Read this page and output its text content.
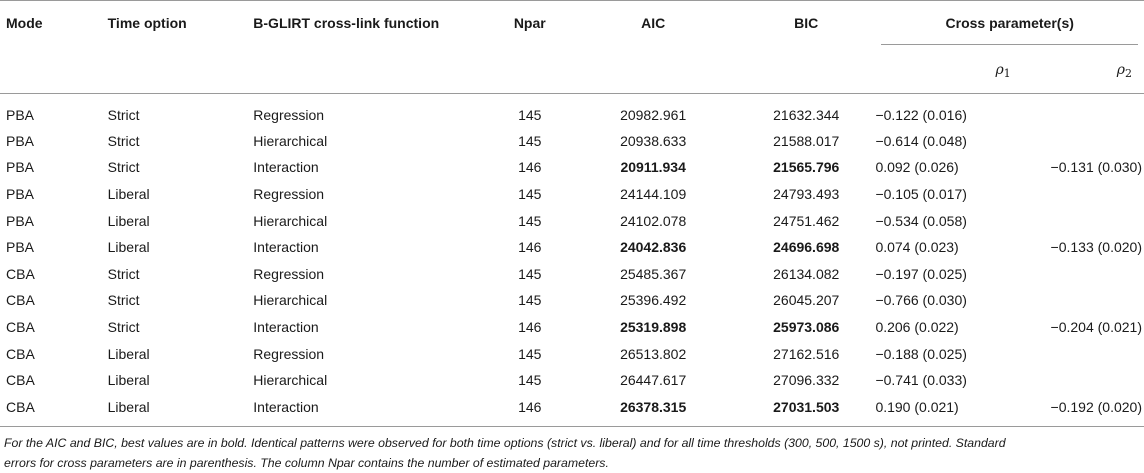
Mode	Time option	B-GLIRT cross-link function	Npar	AIC	BIC	Cross parameter(s)	

						$\rho_1$	$\rho_2$
PBA	Strict	Regression	145	20982.961	21632.344	−0.122 (0.016)	
PBA	Strict	Hierarchical	145	20938.633	21588.017	−0.614 (0.048)	
PBA	Strict	Interaction	146	20911.934	21565.796	0.092 (0.026)	−0.131 (0.030)
PBA	Liberal	Regression	145	24144.109	24793.493	−0.105 (0.017)	
PBA	Liberal	Hierarchical	145	24102.078	24751.462	−0.534 (0.058)	
PBA	Liberal	Interaction	146	24042.836	24696.698	0.074 (0.023)	−0.133 (0.020)
CBA	Strict	Regression	145	25485.367	26134.082	−0.197 (0.025)	
CBA	Strict	Hierarchical	145	25396.492	26045.207	−0.766 (0.030)	
CBA	Strict	Interaction	146	25319.898	25973.086	0.206 (0.022)	−0.204 (0.021)
CBA	Liberal	Regression	145	26513.802	27162.516	−0.188 (0.025)	
CBA	Liberal	Hierarchical	145	26447.617	27096.332	−0.741 (0.033)	
CBA	Liberal	Interaction	146	26378.315	27031.503	0.190 (0.021)	−0.192 (0.020)
For the AIC and BIC, best values are in bold. Identical patterns were observed for both time options (strict vs. liberal) and for all time thresholds (300, 500, 1500 s), not printed. Standard
errors for cross parameters are in parenthesis. The column Npar contains the number of estimated parameters.
